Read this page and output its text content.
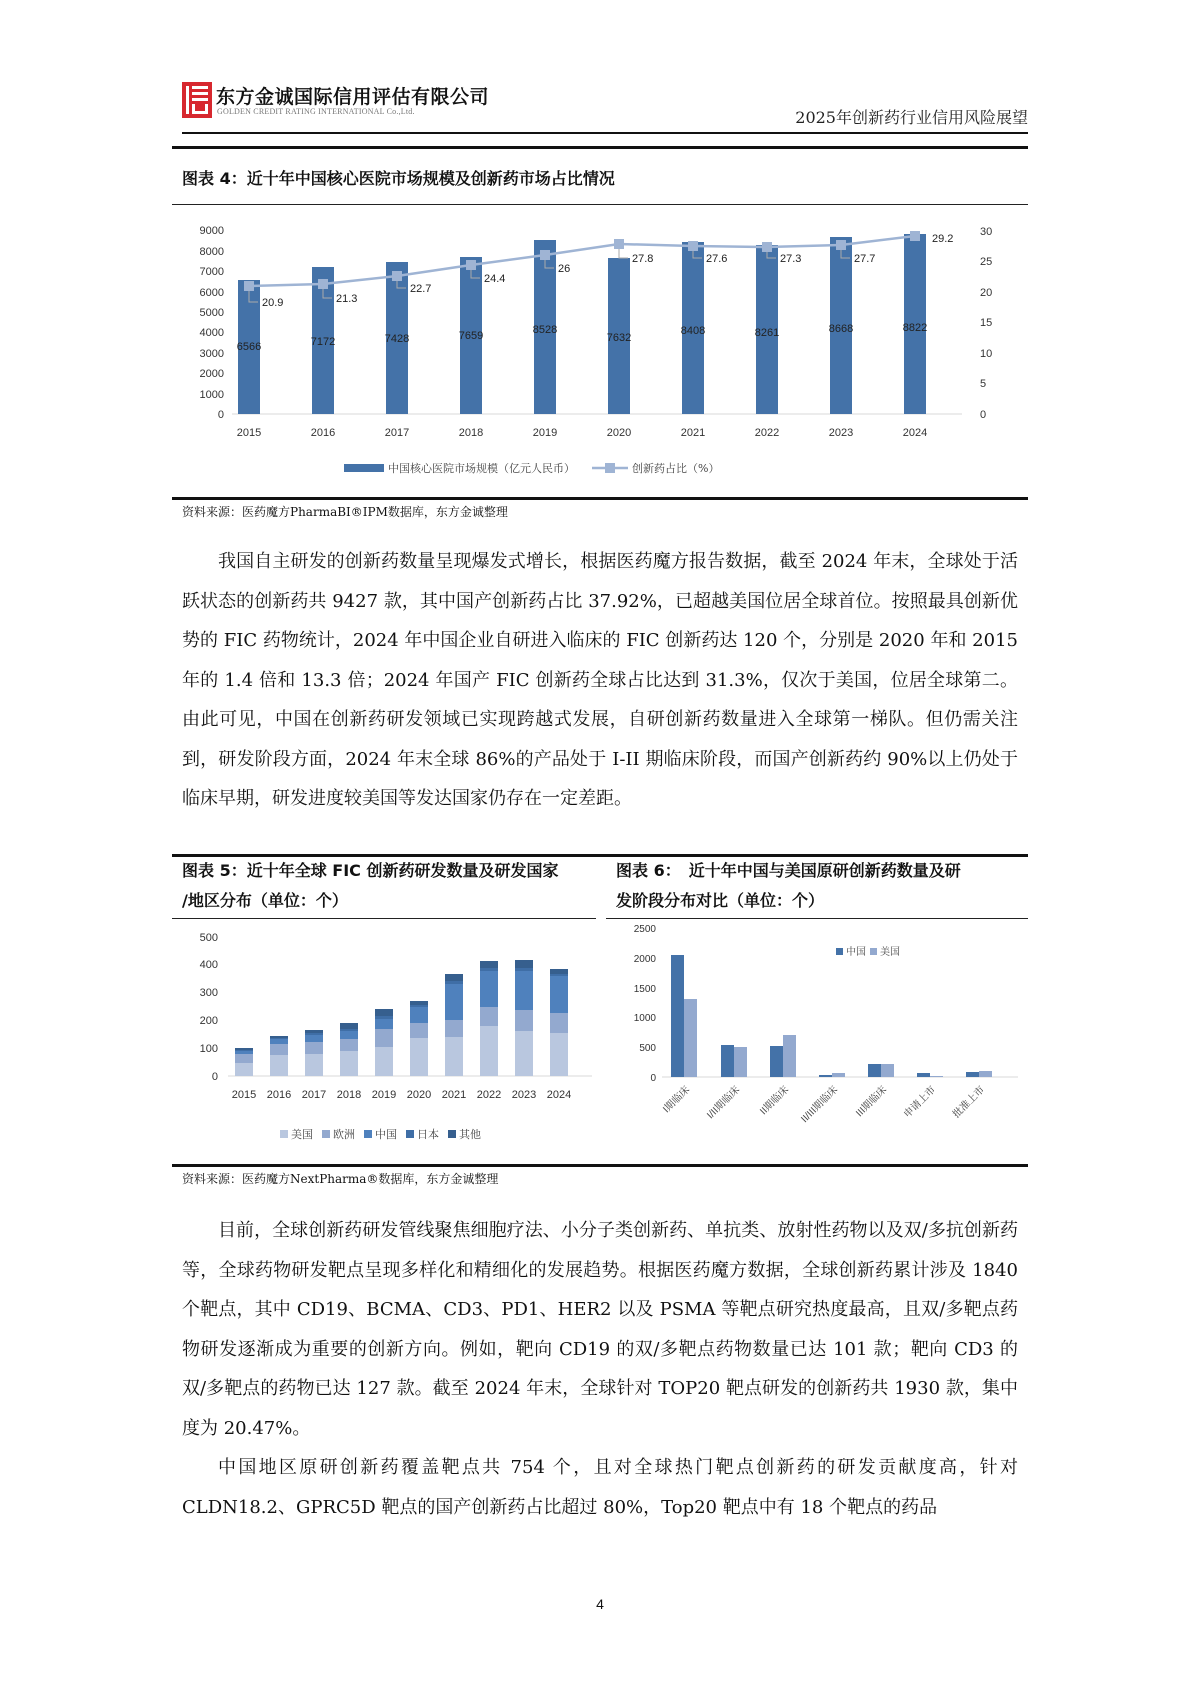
东方金诚国际信用评估有限公司
GOLDEN CREDIT RATING INTERNATIONAL Co.,Ltd.	2025年创新药行业信用风险展望
图表 4：近十年中国核心医院市场规模及创新药市场占比情况
0
1000
2000
3000
4000
5000
6000
7000
8000
9000
0
5
10
15
20
25
30
6566	7172	7428	7659	8528
7632
8408	8261	8668	8822
20.9	21.3
22.7
24.4
26
27.8	27.6	27.3	27.7
29.2
2015	2016	2017	2018	2019	2020	2021	2022	2023	2024
中国核心医院市场规模（亿元人民币）	创新药占比（%）
资料来源：医药魔方PharmaBI®IPM数据库，东方金诚整理
我国自主研发的创新药数量呈现爆发式增长，根据医药魔方报告数据，截至 2024 年末，全球处于活跃状态的创新药共 9427 款，其中国产创新药占比 37.92%，已超越美国位居全球首位。按照最具创新优势的 FIC 药物统计，2024 年中国企业自研进入临床的 FIC 创新药达 120 个，分别是 2020 年和 2015 年的 1.4 倍和 13.3 倍；2024 年国产 FIC 创新药全球占比达到 31.3%，仅次于美国，位居全球第二。由此可见，中国在创新药研发领域已实现跨越式发展，自研创新药数量进入全球第一梯队。但仍需关注到，研发阶段方面，2024 年末全球 86%的产品处于 I-II 期临床阶段，而国产创新药约 90%以上仍处于临床早期，研发进度较美国等发达国家仍存在一定差距。
图表 5：近十年全球 FIC 创新药研发数量及研发国家
/地区分布（单位：个）
图表 6：　近十年中国与美国原研创新药数量及研
发阶段分布对比（单位：个）
0
100
200
300
400
500
2015 2016 2017 2018 2019 2020 2021 2022 2023 2024
美国 欧洲 中国 日本 其他
0
500
1000
1500
2000
2500
中国 美国
I期临床 I/II期临床 II期临床 II/III期临床 III期临床 申请上市 批准上市
资料来源：医药魔方NextPharma®数据库，东方金诚整理
目前，全球创新药研发管线聚焦细胞疗法、小分子类创新药、单抗类、放射性药物以及双/多抗创新药等，全球药物研发靶点呈现多样化和精细化的发展趋势。根据医药魔方数据，全球创新药累计涉及 1840 个靶点，其中 CD19、BCMA、CD3、PD1、HER2 以及 PSMA 等靶点研究热度最高，且双/多靶点药物研发逐渐成为重要的创新方向。例如，靶向 CD19 的双/多靶点药物数量已达 101 款；靶向 CD3 的双/多靶点的药物已达 127 款。截至 2024 年末，全球针对 TOP20 靶点研发的创新药共 1930 款，集中度为 20.47%。
中国地区原研创新药覆盖靶点共 754 个，且对全球热门靶点创新药的研发贡献度高，针对 CLDN18.2、GPRC5D 靶点的国产创新药占比超过 80%，Top20 靶点中有 18 个靶点的药品
4
